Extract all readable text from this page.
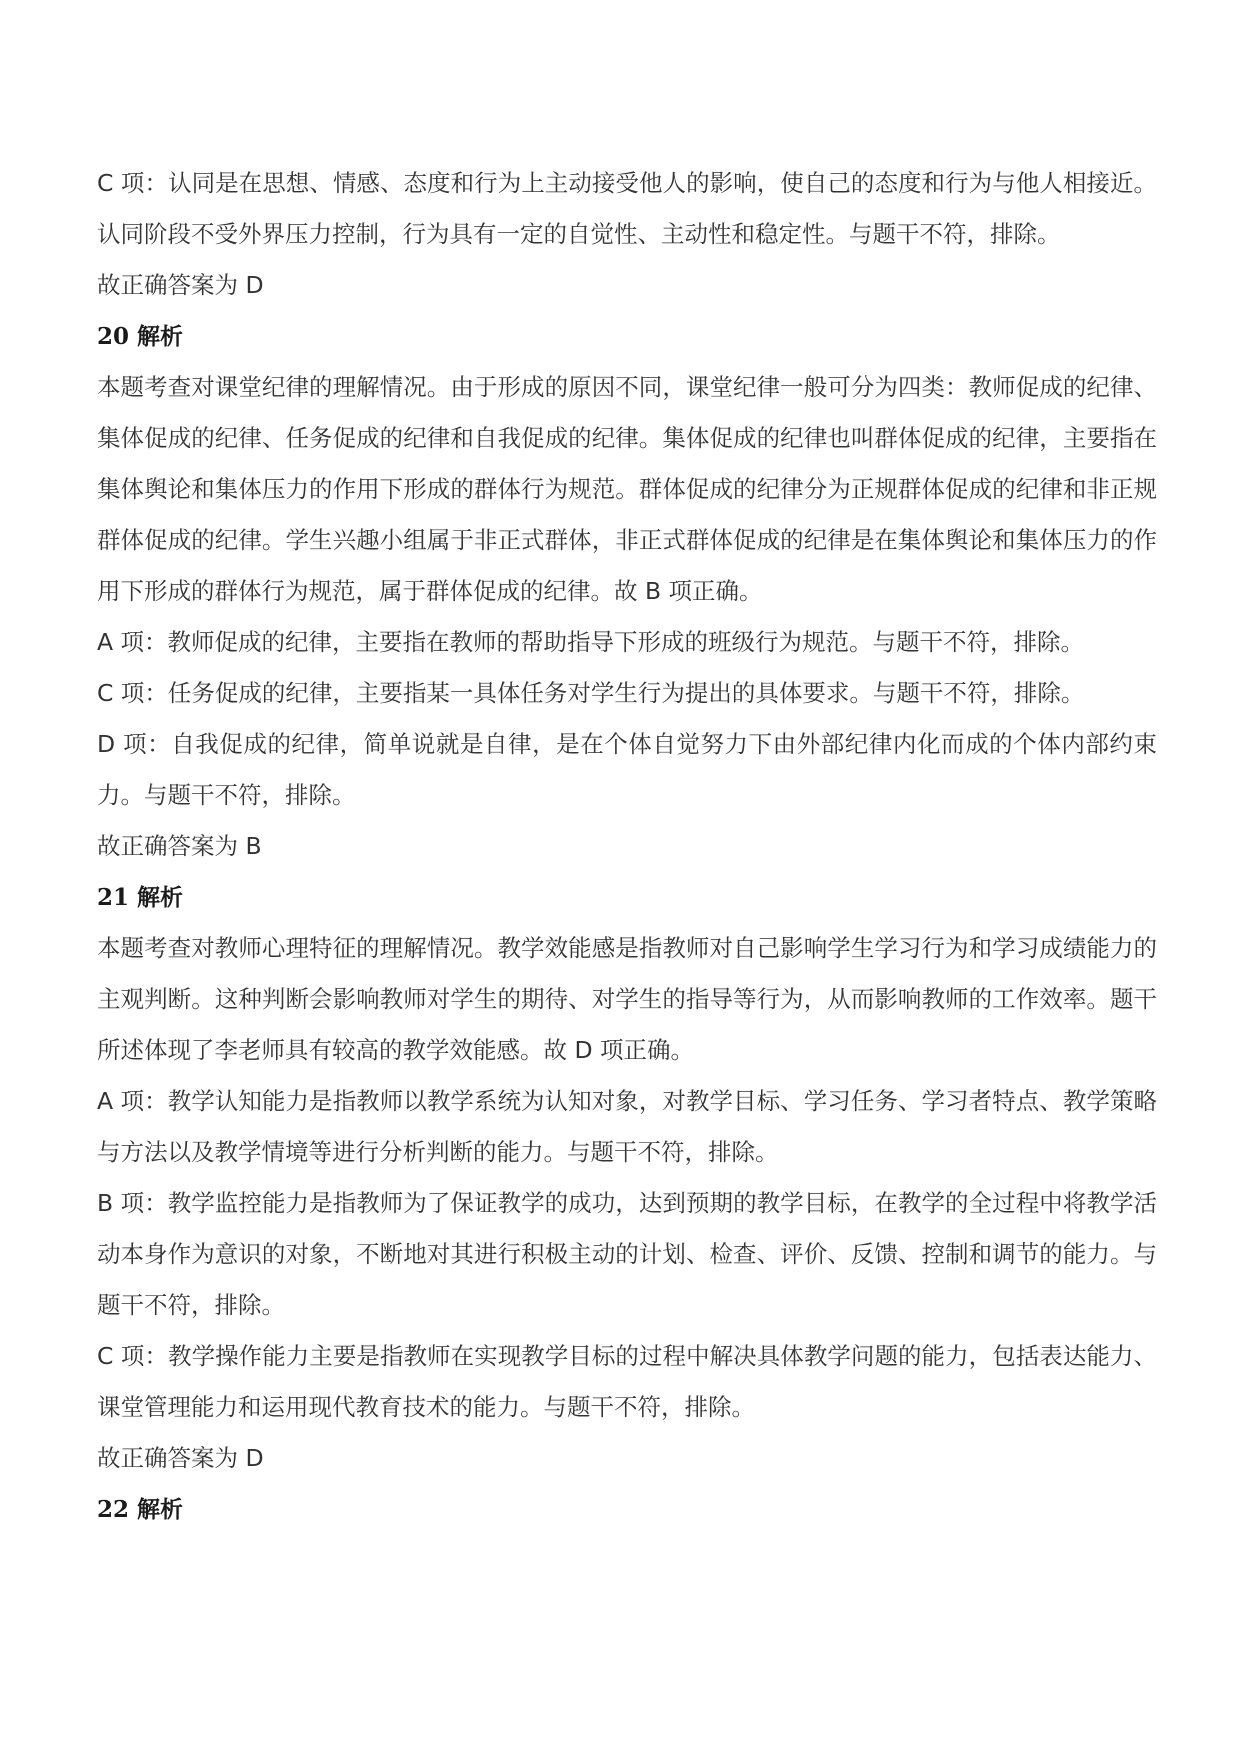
C 项：认同是在思想、情感、态度和行为上主动接受他人的影响，使自己的态度和行为与他人相接近。认同阶段不受外界压力控制，行为具有一定的自觉性、主动性和稳定性。与题干不符，排除。

故正确答案为 D

20 解析

本题考查对课堂纪律的理解情况。由于形成的原因不同，课堂纪律一般可分为四类：教师促成的纪律、集体促成的纪律、任务促成的纪律和自我促成的纪律。集体促成的纪律也叫群体促成的纪律，主要指在集体舆论和集体压力的作用下形成的群体行为规范。群体促成的纪律分为正规群体促成的纪律和非正规群体促成的纪律。学生兴趣小组属于非正式群体，非正式群体促成的纪律是在集体舆论和集体压力的作用下形成的群体行为规范，属于群体促成的纪律。故 B 项正确。

A 项：教师促成的纪律，主要指在教师的帮助指导下形成的班级行为规范。与题干不符，排除。

C 项：任务促成的纪律，主要指某一具体任务对学生行为提出的具体要求。与题干不符，排除。

D 项：自我促成的纪律，简单说就是自律，是在个体自觉努力下由外部纪律内化而成的个体内部约束力。与题干不符，排除。

故正确答案为 B

21 解析

本题考查对教师心理特征的理解情况。教学效能感是指教师对自己影响学生学习行为和学习成绩能力的主观判断。这种判断会影响教师对学生的期待、对学生的指导等行为，从而影响教师的工作效率。题干所述体现了李老师具有较高的教学效能感。故 D 项正确。

A 项：教学认知能力是指教师以教学系统为认知对象，对教学目标、学习任务、学习者特点、教学策略与方法以及教学情境等进行分析判断的能力。与题干不符，排除。

B 项：教学监控能力是指教师为了保证教学的成功，达到预期的教学目标，在教学的全过程中将教学活动本身作为意识的对象，不断地对其进行积极主动的计划、检查、评价、反馈、控制和调节的能力。与题干不符，排除。

C 项：教学操作能力主要是指教师在实现教学目标的过程中解决具体教学问题的能力，包括表达能力、课堂管理能力和运用现代教育技术的能力。与题干不符，排除。

故正确答案为 D

22 解析
